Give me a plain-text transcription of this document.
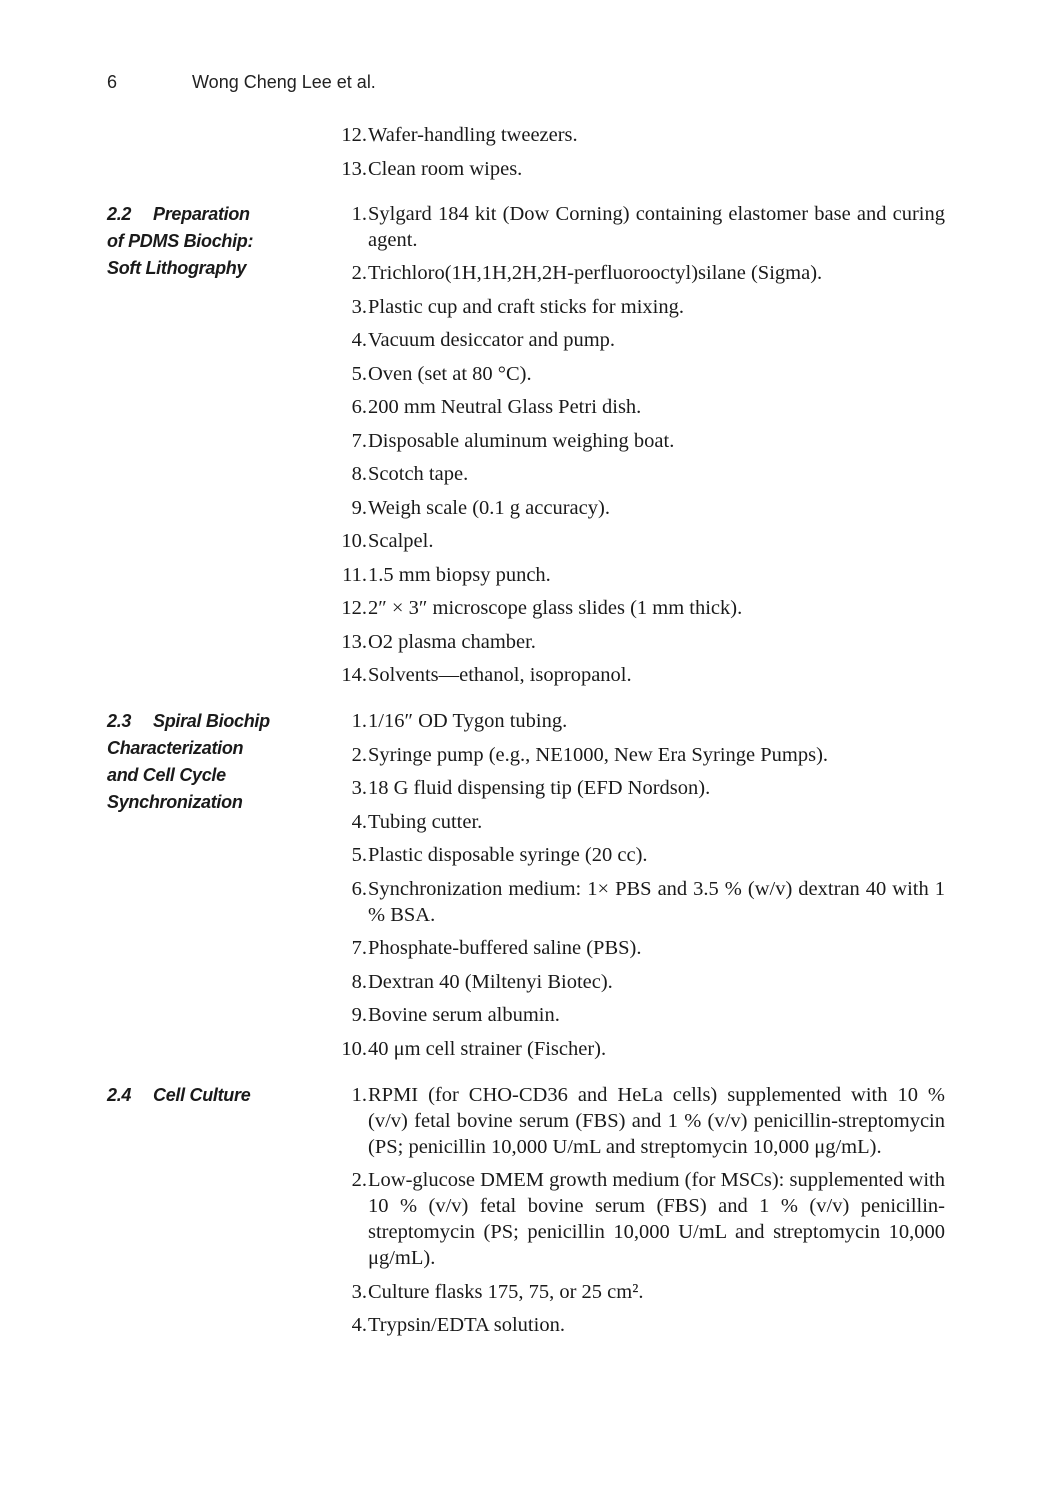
6	Wong Cheng Lee et al.
12. Wafer-handling tweezers.
13. Clean room wipes.
2.2 Preparation
of PDMS Biochip:
Soft Lithography
1. Sylgard 184 kit (Dow Corning) containing elastomer base and curing agent.
2. Trichloro(1H,1H,2H,2H-perfluorooctyl)silane (Sigma).
3. Plastic cup and craft sticks for mixing.
4. Vacuum desiccator and pump.
5. Oven (set at 80 °C).
6. 200 mm Neutral Glass Petri dish.
7. Disposable aluminum weighing boat.
8. Scotch tape.
9. Weigh scale (0.1 g accuracy).
10. Scalpel.
11. 1.5 mm biopsy punch.
12. 2″ × 3″ microscope glass slides (1 mm thick).
13. O2 plasma chamber.
14. Solvents—ethanol, isopropanol.
2.3 Spiral Biochip
Characterization
and Cell Cycle
Synchronization
1. 1/16″ OD Tygon tubing.
2. Syringe pump (e.g., NE1000, New Era Syringe Pumps).
3. 18 G fluid dispensing tip (EFD Nordson).
4. Tubing cutter.
5. Plastic disposable syringe (20 cc).
6. Synchronization medium: 1× PBS and 3.5 % (w/v) dextran 40 with 1 % BSA.
7. Phosphate-buffered saline (PBS).
8. Dextran 40 (Miltenyi Biotec).
9. Bovine serum albumin.
10. 40 μm cell strainer (Fischer).
2.4 Cell Culture	1. RPMI (for CHO-CD36 and HeLa cells) supplemented with 10 % (v/v) fetal bovine serum (FBS) and 1 % (v/v) penicillin-streptomycin (PS; penicillin 10,000 U/mL and streptomycin 10,000 μg/mL).
2. Low-glucose DMEM growth medium (for MSCs): supplemented with 10 % (v/v) fetal bovine serum (FBS) and 1 % (v/v) penicillin-streptomycin (PS; penicillin 10,000 U/mL and streptomycin 10,000 μg/mL).
3. Culture flasks 175, 75, or 25 cm².
4. Trypsin/EDTA solution.
